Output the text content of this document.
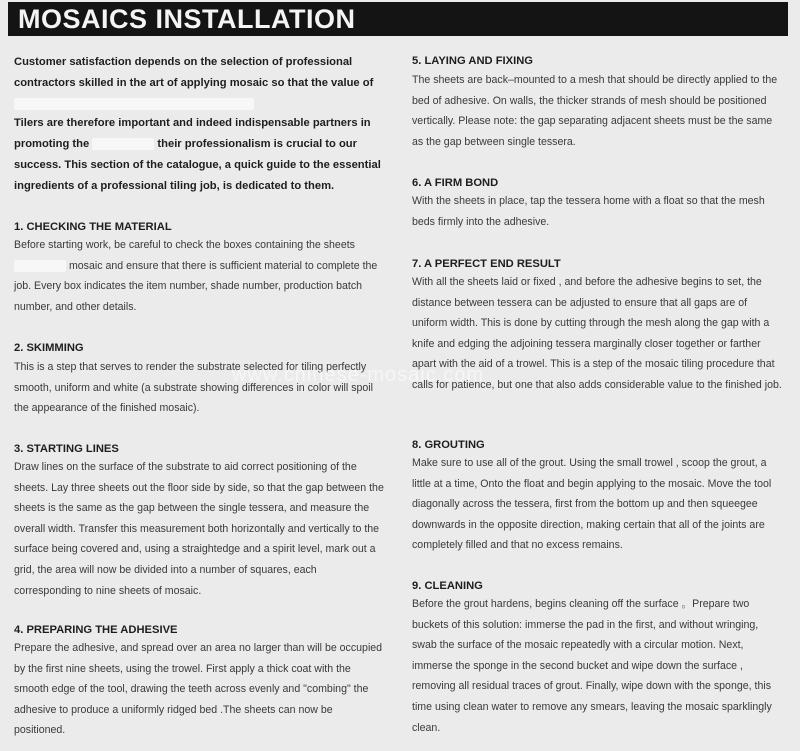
MOSAICS INSTALLATION

Customer satisfaction depends on the selection of professional contractors skilled in the art of applying mosaic so that the value of

Tilers are therefore important and indeed indispensable partners in promoting the	their professionalism is crucial to our success. This section of the catalogue, a quick guide to the essential ingredients of a professional tiling job, is dedicated to them.

1. CHECKING THE MATERIAL

Before starting work, be careful to check the boxes containing the sheets  mosaic and ensure that there is sufficient material to complete the job. Every box indicates the item number, shade number, production batch number, and other details.

2. SKIMMING

This is a step that serves to render the substrate selected for tiling perfectly smooth, uniform and white (a substrate showing differences in color will spoil the appearance of the finished mosaic).

3. STARTING LINES

Draw lines on the surface of the substrate to aid correct positioning of the sheets. Lay three sheets out the floor side by side, so that the gap between the sheets is the same as the gap between the single tessera, and measure the overall width. Transfer this measurement both horizontally and vertically to the surface being covered and, using a straightedge and a spirit level, mark out a grid, the area will now be divided into a number of squares, each corresponding to nine sheets of mosaic.

4. PREPARING THE ADHESIVE

Prepare the adhesive, and spread over an area no larger than will be occupied by the first nine sheets, using the trowel. First apply a thick coat with the smooth edge of the tool, drawing the teeth across evenly and "combing" the adhesive to produce a uniformly ridged bed .The sheets can now be positioned.

5. LAYING AND FIXING

The sheets are back–mounted to a mesh that should be directly applied to the bed of adhesive. On walls, the thicker strands of mesh should be positioned vertically. Please note: the gap separating adjacent sheets must be the same as the gap between single tessera.

6. A FIRM BOND

With the sheets in place, tap the tessera home with a float so that the mesh beds firmly into the adhesive.

7. A PERFECT END RESULT

With all the sheets laid or fixed , and before the adhesive begins to set, the distance between tessera can be adjusted to ensure that all gaps are of uniform width. This is done by cutting through the mesh along the gap with a knife and edging the adjoining tessera marginally closer together or farther apart with the aid of a trowel. This is a step of the mosaic tiling procedure that calls for patience, but one that also adds considerable value to the finished job.

8. GROUTING

Make sure to use all of the grout. Using the small trowel , scoop the grout, a little at a time, Onto the float and begin applying to the mosaic. Move the tool diagonally across the tessera, first from the bottom up and then squeegee downwards in the opposite direction, making certain that all of the joints are completely filled and that no excess remains.

9. CLEANING

Before the grout hardens, begins cleaning off the surface 。Prepare two buckets of this solution: immerse the pad in the first, and without wringing, swab the surface of the mosaic repeatedly with a circular motion. Next, immerse the sponge in the second bucket and wipe down the surface , removing all residual traces of grout. Finally, wipe down with the sponge, this time using clean water to remove any smears, leaving the mosaic sparklingly clean.

www.chinese-mosaic.com
